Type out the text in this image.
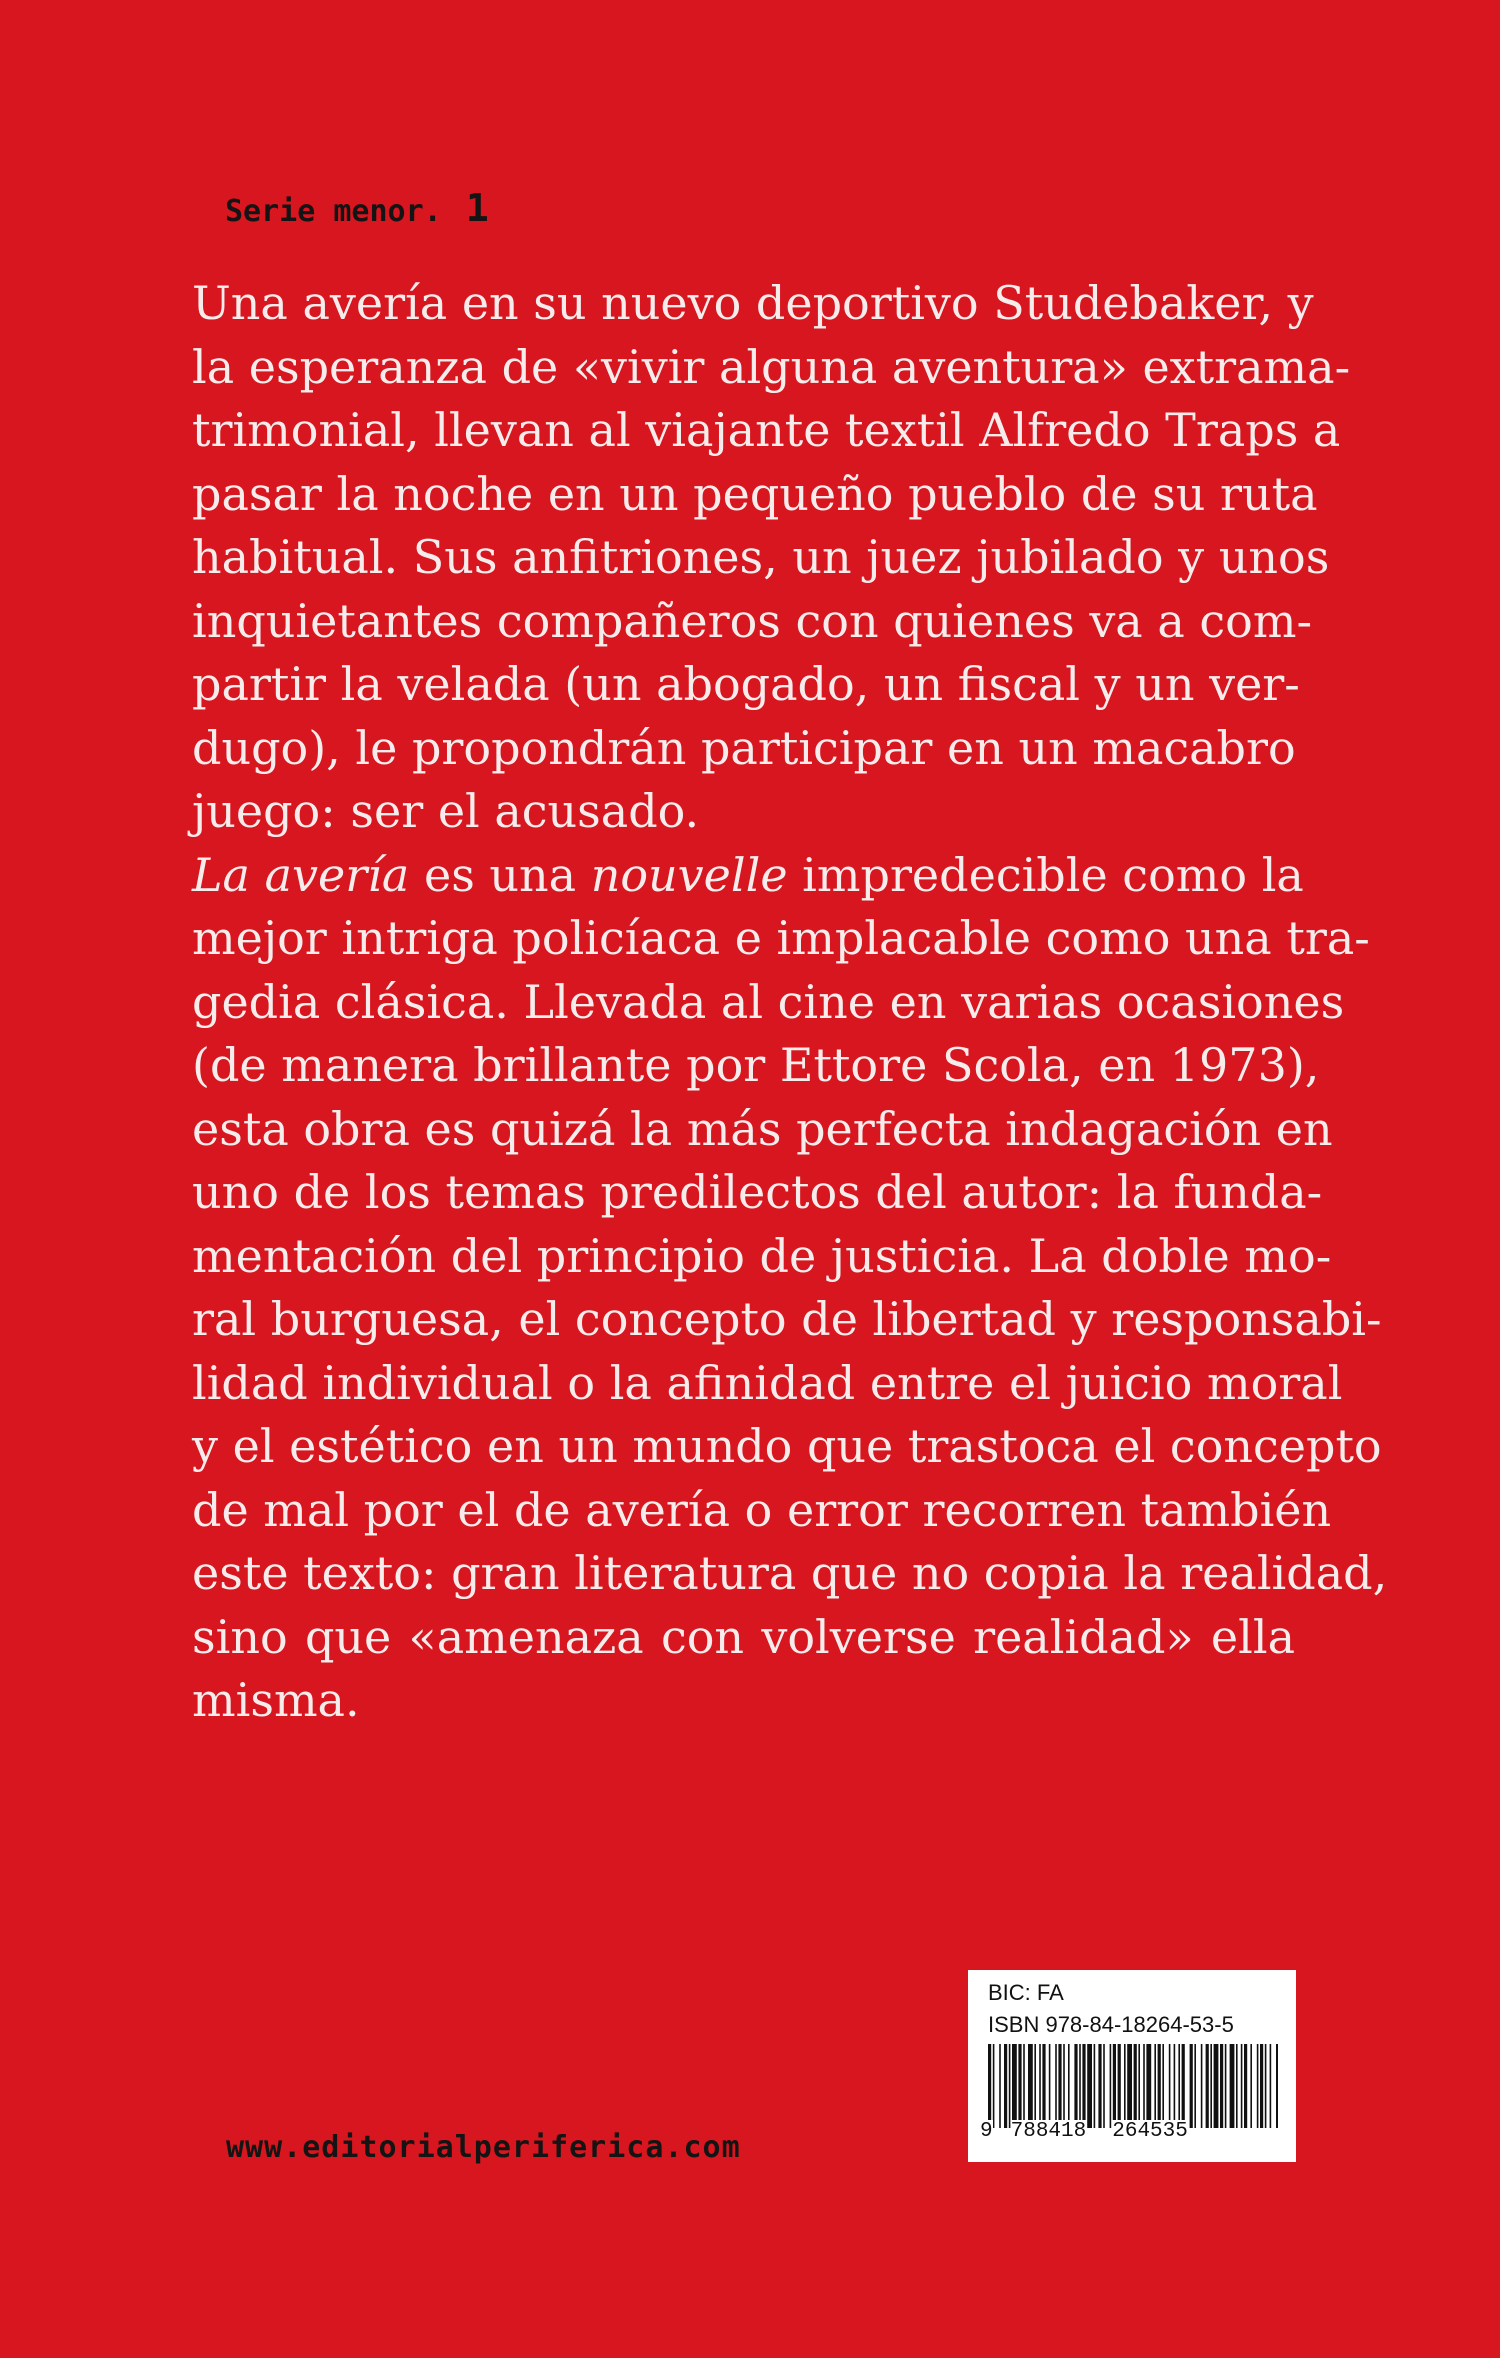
Serie menor. 1
Una avería en su nuevo deportivo Studebaker, y
la esperanza de «vivir alguna aventura» extrama-
trimonial, llevan al viajante textil Alfredo Traps a
pasar la noche en un pequeño pueblo de su ruta
habitual. Sus anfitriones, un juez jubilado y unos
inquietantes compañeros con quienes va a com-
partir la velada (un abogado, un fiscal y un ver-
dugo), le propondrán participar en un macabro
juego: ser el acusado.
La avería es una nouvelle impredecible como la
mejor intriga policíaca e implacable como una tra-
gedia clásica. Llevada al cine en varias ocasiones
(de manera brillante por Ettore Scola, en 1973),
esta obra es quizá la más perfecta indagación en
uno de los temas predilectos del autor: la funda-
mentación del principio de justicia. La doble mo-
ral burguesa, el concepto de libertad y responsabi-
lidad individual o la afinidad entre el juicio moral
y el estético en un mundo que trastoca el concepto
de mal por el de avería o error recorren también
este texto: gran literatura que no copia la realidad,
sino que «amenaza con volverse realidad» ella
misma.
www.editorialperiferica.com
BIC: FA
ISBN 978-84-18264-53-5
9 788418 264535
